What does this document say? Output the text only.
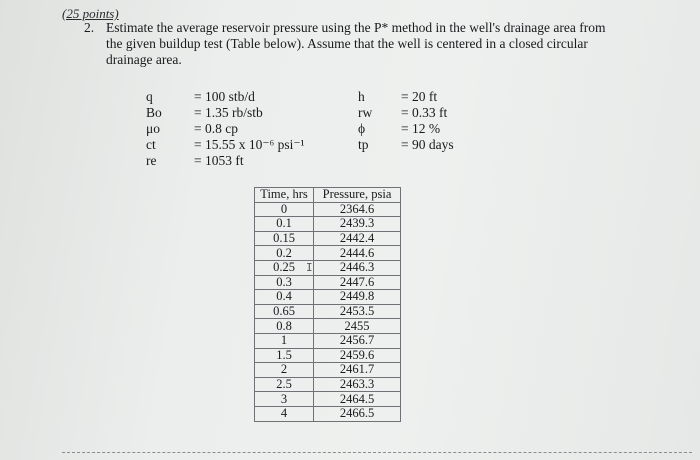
(25 points)
2. Estimate the average reservoir pressure using the P* method in the well's drainage area from the given buildup test (Table below). Assume that the well is centered in a closed circular drainage area.
q	= 100 stb/d
Bo	= 1.35 rb/stb
μo	= 0.8 cp
ct	= 15.55 x 10⁻⁶ psi⁻¹
re	= 1053 ft
h	= 20 ft
rw	= 0.33 ft
ϕ	= 12 %
tp	= 90 days
Time, hrs	Pressure, psia
0	2364.6
0.1	2439.3
0.15	2442.4
0.2	2444.6
0.25	2446.3
0.3	2447.6
0.4	2449.8
0.65	2453.5
0.8	2455
1	2456.7
1.5	2459.6
2	2461.7
2.5	2463.3
3	2464.5
4	2466.5
I
